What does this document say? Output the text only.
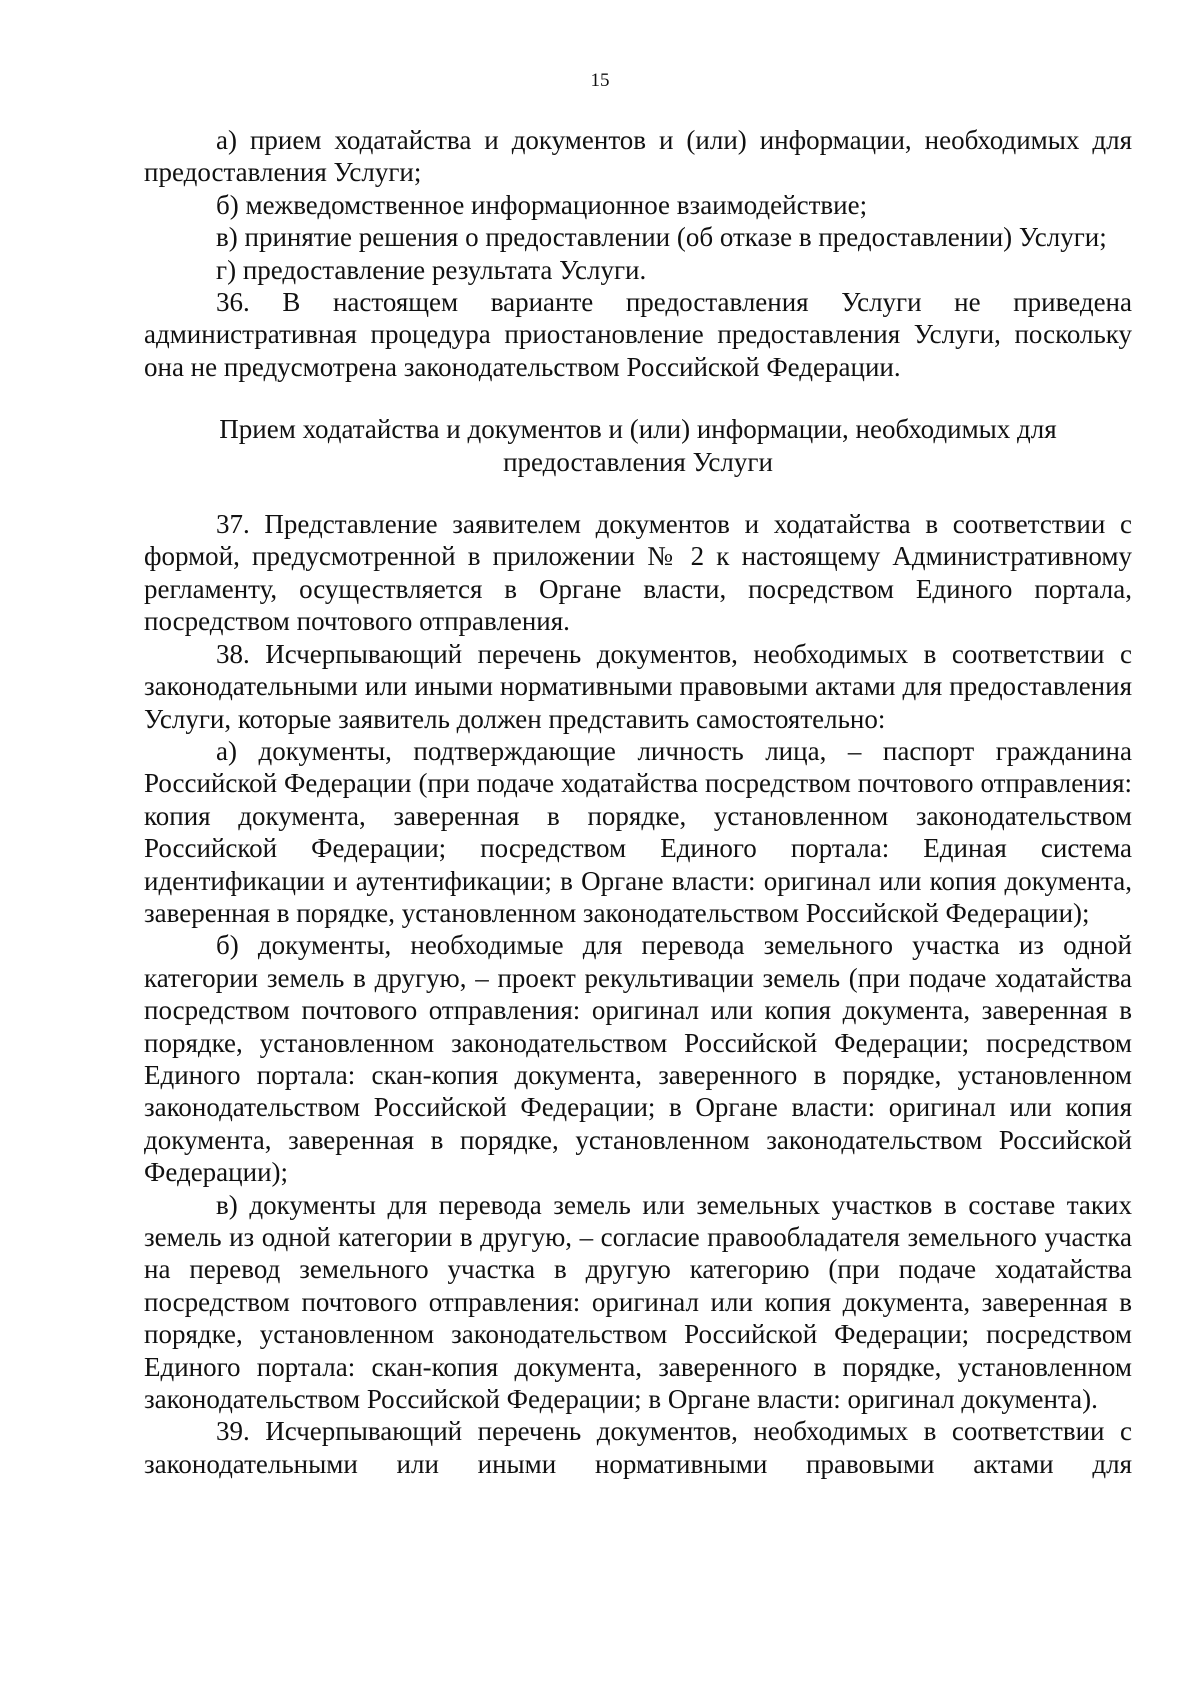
15

а) прием ходатайства и документов и (или) информации, необходимых для предоставления Услуги;

б) межведомственное информационное взаимодействие;

в) принятие решения о предоставлении (об отказе в предоставлении) Услуги;

г) предоставление результата Услуги.

36. В настоящем варианте предоставления Услуги не приведена административная процедура приостановление предоставления Услуги, поскольку она не предусмотрена законодательством Российской Федерации.

Прием ходатайства и документов и (или) информации, необходимых для
предоставления Услуги

37. Представление заявителем документов и ходатайства в соответствии с формой, предусмотренной в приложении № 2 к настоящему Административному регламенту, осуществляется в Органе власти, посредством Единого портала, посредством почтового отправления.

38. Исчерпывающий перечень документов, необходимых в соответствии с законодательными или иными нормативными правовыми актами для предоставления Услуги, которые заявитель должен представить самостоятельно:

а) документы, подтверждающие личность лица, – паспорт гражданина Российской Федерации (при подаче ходатайства посредством почтового отправления: копия документа, заверенная в порядке, установленном законодательством Российской Федерации; посредством Единого портала: Единая система идентификации и аутентификации; в Органе власти: оригинал или копия документа, заверенная в порядке, установленном законодательством Российской Федерации);

б) документы, необходимые для перевода земельного участка из одной категории земель в другую, – проект рекультивации земель (при подаче ходатайства посредством почтового отправления: оригинал или копия документа, заверенная в порядке, установленном законодательством Российской Федерации; посредством Единого портала: скан-копия документа, заверенного в порядке, установленном законодательством Российской Федерации; в Органе власти: оригинал или копия документа, заверенная в порядке, установленном законодательством Российской Федерации);

в) документы для перевода земель или земельных участков в составе таких земель из одной категории в другую, – согласие правообладателя земельного участка на перевод земельного участка в другую категорию (при подаче ходатайства посредством почтового отправления: оригинал или копия документа, заверенная в порядке, установленном законодательством Российской Федерации; посредством Единого портала: скан-копия документа, заверенного в порядке, установленном законодательством Российской Федерации; в Органе власти: оригинал документа).

39. Исчерпывающий перечень документов, необходимых в соответствии с законодательными или иными нормативными правовыми актами для
